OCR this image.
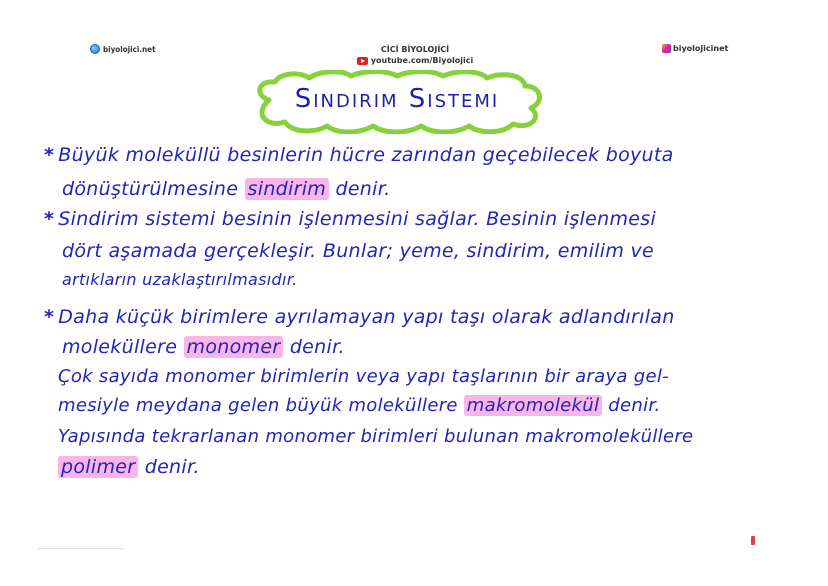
biyolojici.net	CİCİ BİYOLOJİCİ
youtube.com/Biyolojici
biyolojicinet
Sındırım Sıstemı
* Büyük moleküllü besinlerin hücre zarından geçebilecek boyuta
dönüştürülmesine sindirim denir.
* Sindirim sistemi besinin işlenmesini sağlar. Besinin işlenmesi
dört aşamada gerçekleşir. Bunlar; yeme, sindirim, emilim ve
artıkların uzaklaştırılmasıdır.
* Daha küçük birimlere ayrılamayan yapı taşı olarak adlandırılan
moleküllere monomer denir.
Çok sayıda monomer birimlerin veya yapı taşlarının bir araya gel-
mesiyle meydana gelen büyük moleküllere makromolekül denir.
Yapısında tekrarlanan monomer birimleri bulunan makromoleküllere
polimer denir.
